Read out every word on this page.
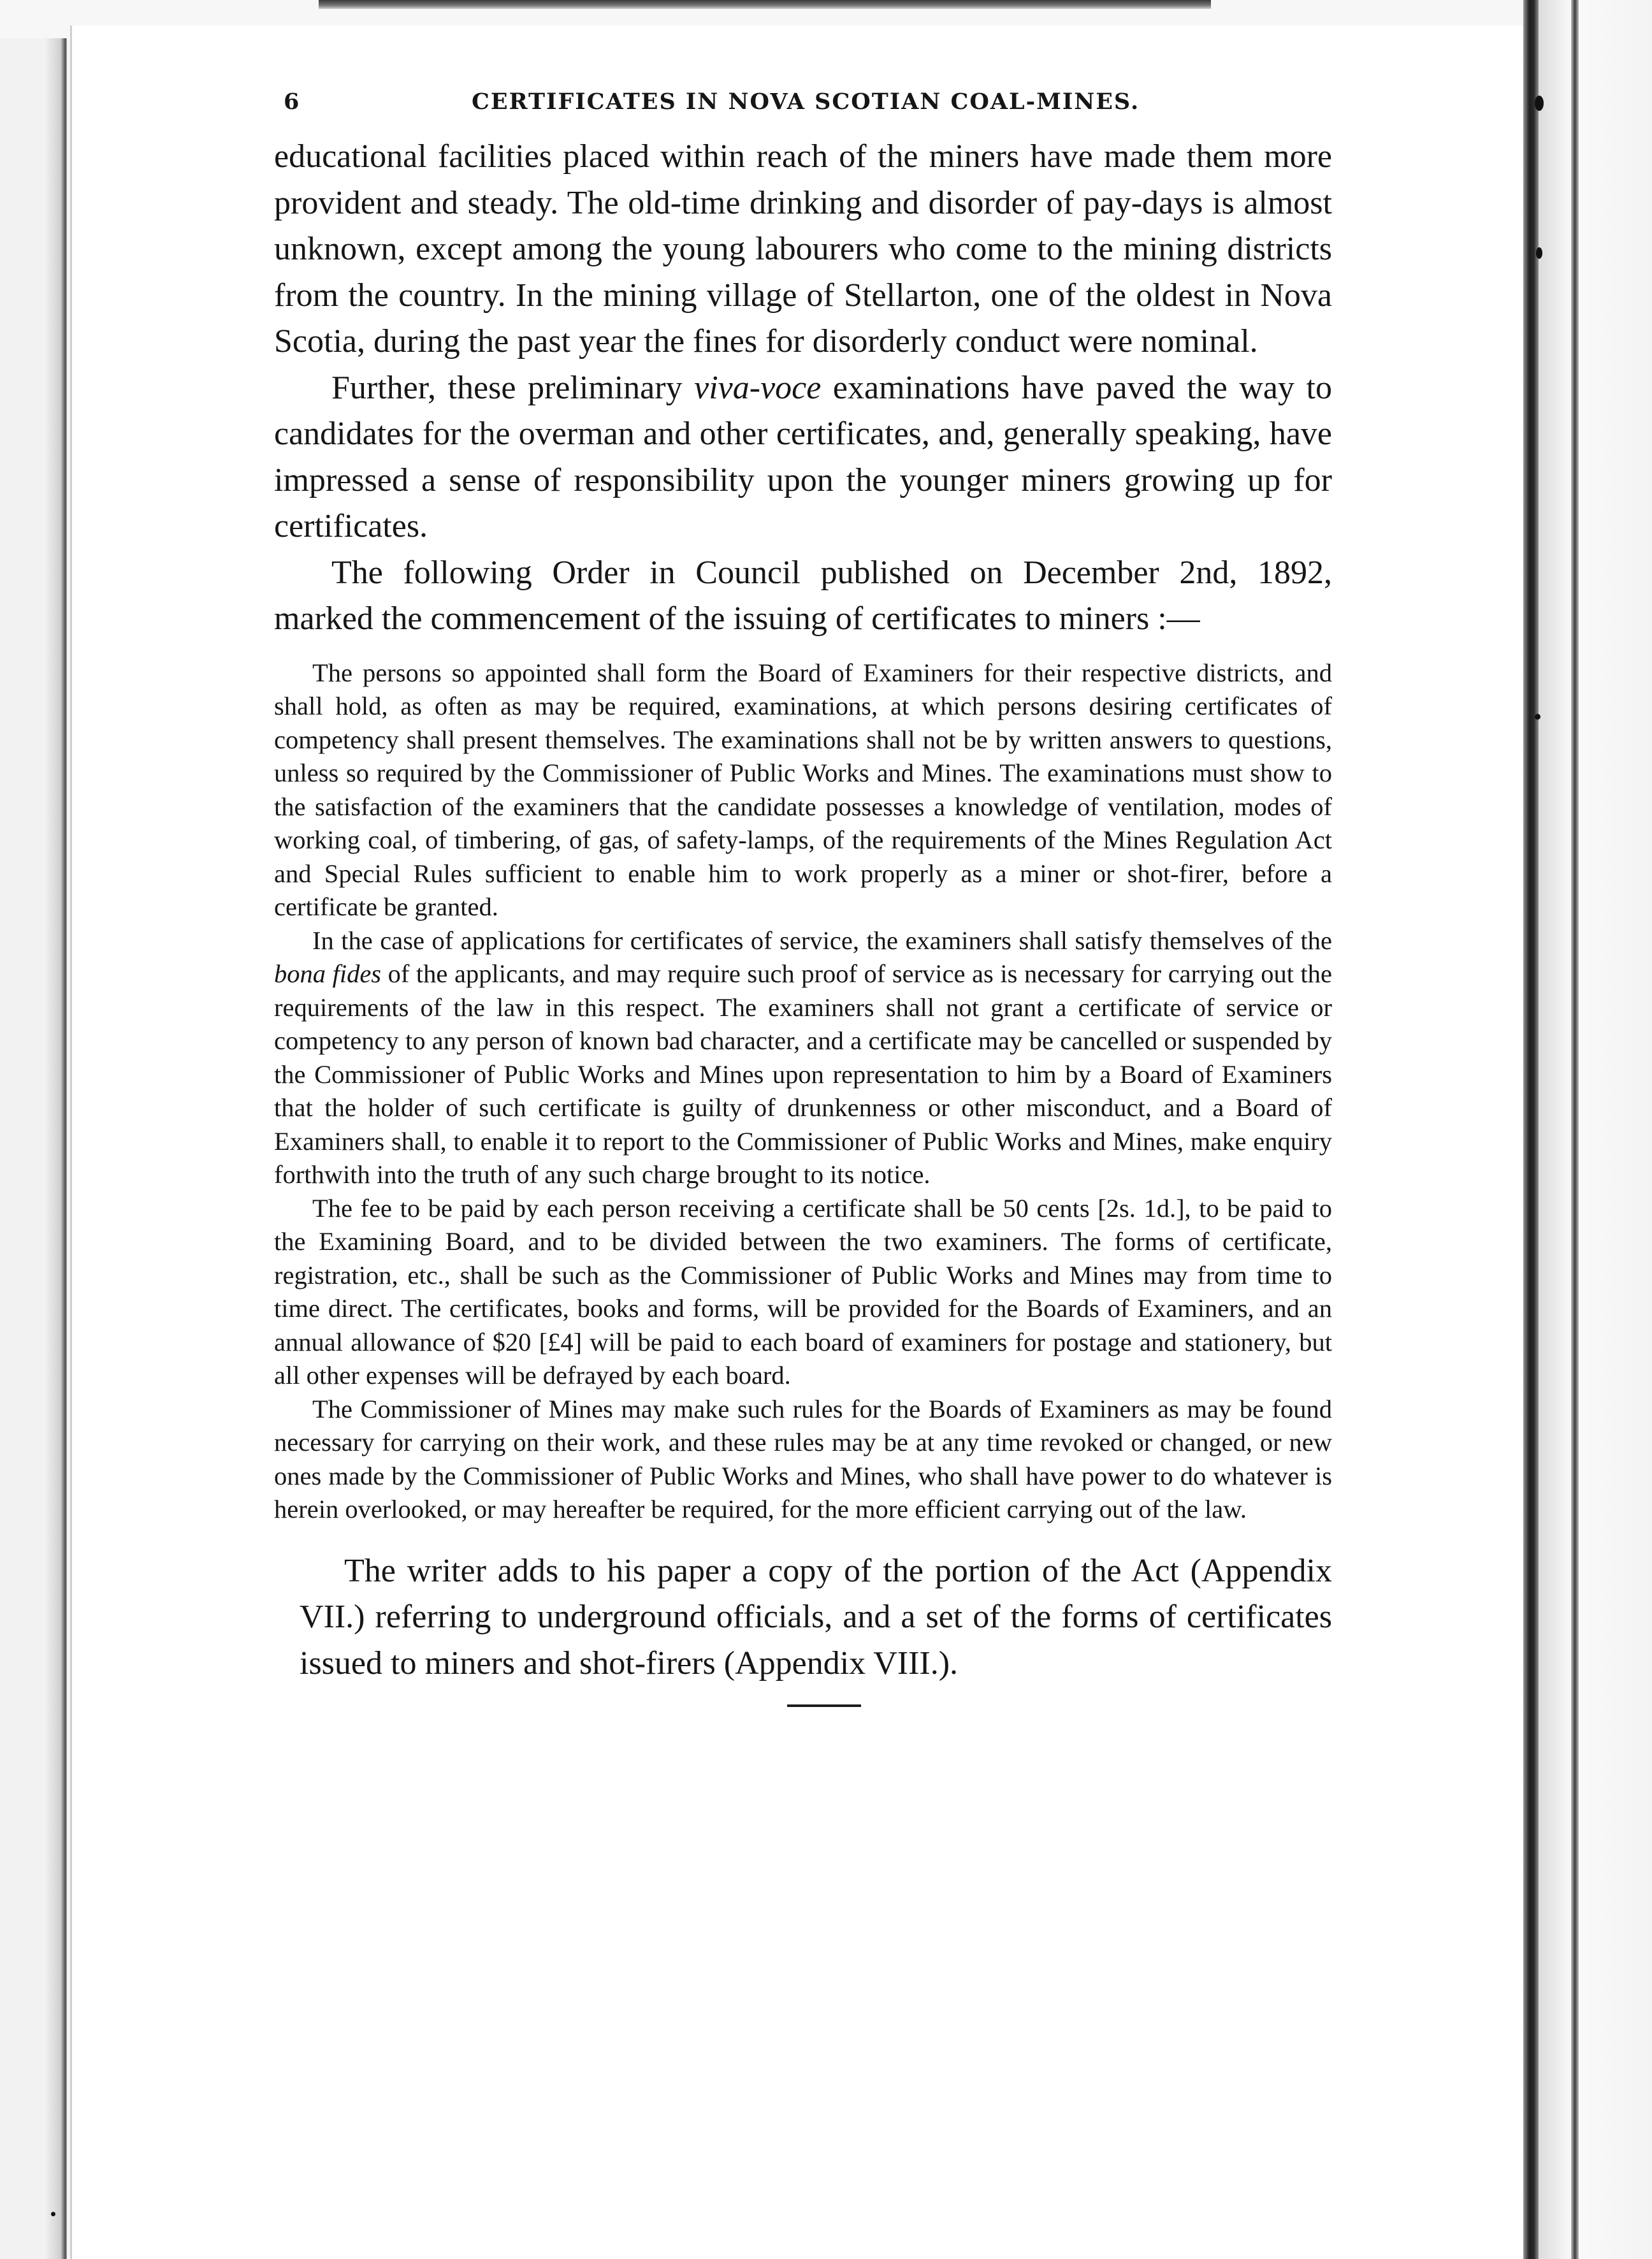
6	CERTIFICATES IN NOVA SCOTIAN COAL-MINES.

educational facilities placed within reach of the miners have made them more provident and steady. The old-time drinking and disorder of pay-days is almost unknown, except among the young labourers who come to the mining districts from the country. In the mining village of Stellarton, one of the oldest in Nova Scotia, during the past year the fines for disorderly conduct were nominal.

Further, these preliminary viva-voce examinations have paved the way to candidates for the overman and other certificates, and, generally speaking, have impressed a sense of responsibility upon the younger miners growing up for certificates.

The following Order in Council published on December 2nd, 1892, marked the commencement of the issuing of certificates to miners :—

The persons so appointed shall form the Board of Examiners for their respective districts, and shall hold, as often as may be required, examinations, at which persons desiring certificates of competency shall present themselves. The examinations shall not be by written answers to questions, unless so required by the Commissioner of Public Works and Mines. The examinations must show to the satisfaction of the examiners that the candidate possesses a knowledge of ventilation, modes of working coal, of timbering, of gas, of safety-lamps, of the requirements of the Mines Regulation Act and Special Rules sufficient to enable him to work properly as a miner or shot-firer, before a certificate be granted.

In the case of applications for certificates of service, the examiners shall satisfy themselves of the bona fides of the applicants, and may require such proof of service as is necessary for carrying out the requirements of the law in this respect. The examiners shall not grant a certificate of service or competency to any person of known bad character, and a certificate may be cancelled or suspended by the Commissioner of Public Works and Mines upon representation to him by a Board of Examiners that the holder of such certificate is guilty of drunkenness or other misconduct, and a Board of Examiners shall, to enable it to report to the Commissioner of Public Works and Mines, make enquiry forthwith into the truth of any such charge brought to its notice.

The fee to be paid by each person receiving a certificate shall be 50 cents [2s. 1d.], to be paid to the Examining Board, and to be divided between the two examiners. The forms of certificate, registration, etc., shall be such as the Commissioner of Public Works and Mines may from time to time direct. The certificates, books and forms, will be provided for the Boards of Examiners, and an annual allowance of $20 [£4] will be paid to each board of examiners for postage and stationery, but all other expenses will be defrayed by each board.

The Commissioner of Mines may make such rules for the Boards of Examiners as may be found necessary for carrying on their work, and these rules may be at any time revoked or changed, or new ones made by the Commissioner of Public Works and Mines, who shall have power to do whatever is herein overlooked, or may hereafter be required, for the more efficient carrying out of the law.

The writer adds to his paper a copy of the portion of the Act (Appendix VII.) referring to underground officials, and a set of the forms of certificates issued to miners and shot-firers (Appendix VIII.).
